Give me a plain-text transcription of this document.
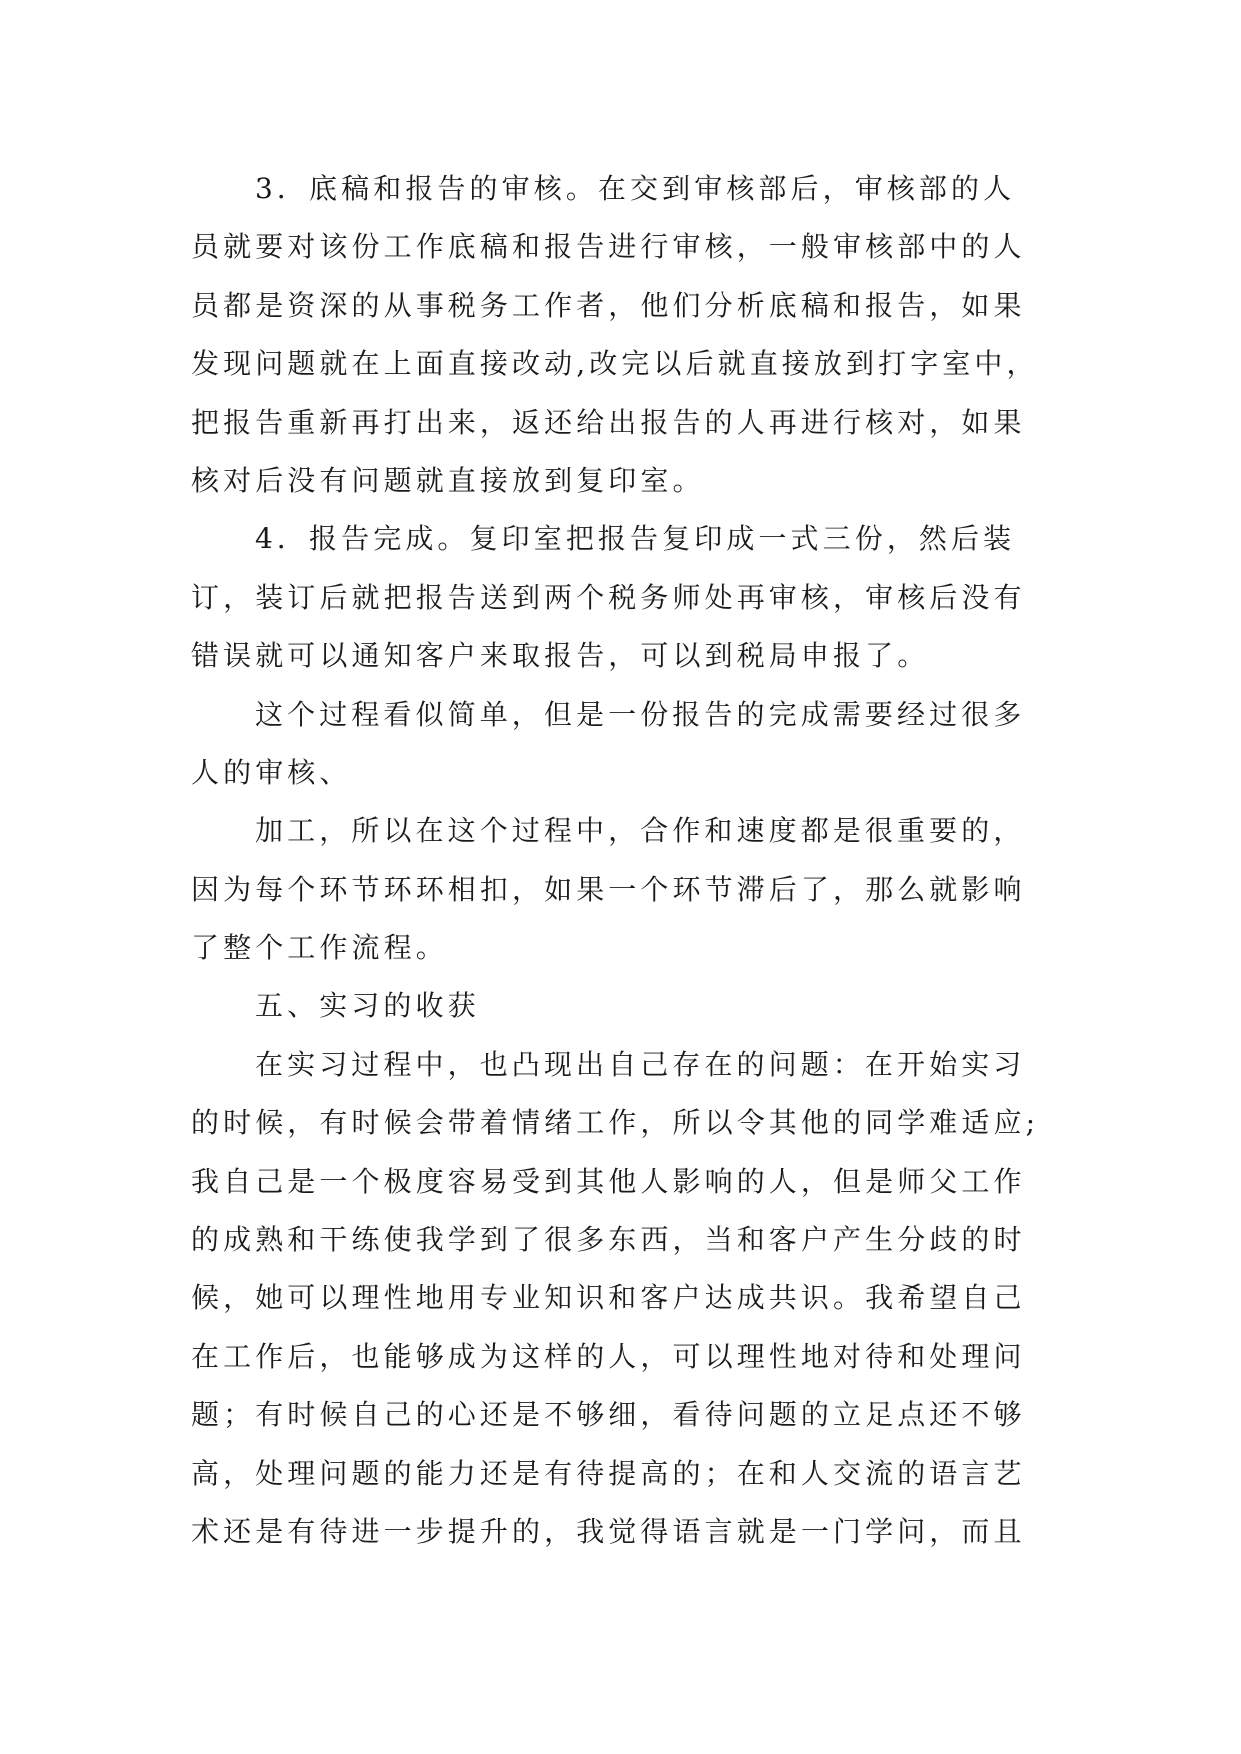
3．底稿和报告的审核。在交到审核部后，审核部的人
员就要对该份工作底稿和报告进行审核，一般审核部中的人
员都是资深的从事税务工作者，他们分析底稿和报告，如果
发现问题就在上面直接改动,改完以后就直接放到打字室中，
把报告重新再打出来，返还给出报告的人再进行核对，如果
核对后没有问题就直接放到复印室。
4．报告完成。复印室把报告复印成一式三份，然后装
订，装订后就把报告送到两个税务师处再审核，审核后没有
错误就可以通知客户来取报告，可以到税局申报了。
这个过程看似简单，但是一份报告的完成需要经过很多
人的审核、
加工，所以在这个过程中，合作和速度都是很重要的，
因为每个环节环环相扣，如果一个环节滞后了，那么就影响
了整个工作流程。
五、实习的收获
在实习过程中，也凸现出自己存在的问题：在开始实习
的时候，有时候会带着情绪工作，所以令其他的同学难适应;
我自己是一个极度容易受到其他人影响的人，但是师父工作
的成熟和干练使我学到了很多东西，当和客户产生分歧的时
候，她可以理性地用专业知识和客户达成共识。我希望自己
在工作后，也能够成为这样的人，可以理性地对待和处理问
题；有时候自己的心还是不够细，看待问题的立足点还不够
高，处理问题的能力还是有待提高的；在和人交流的语言艺
术还是有待进一步提升的，我觉得语言就是一门学问，而且
